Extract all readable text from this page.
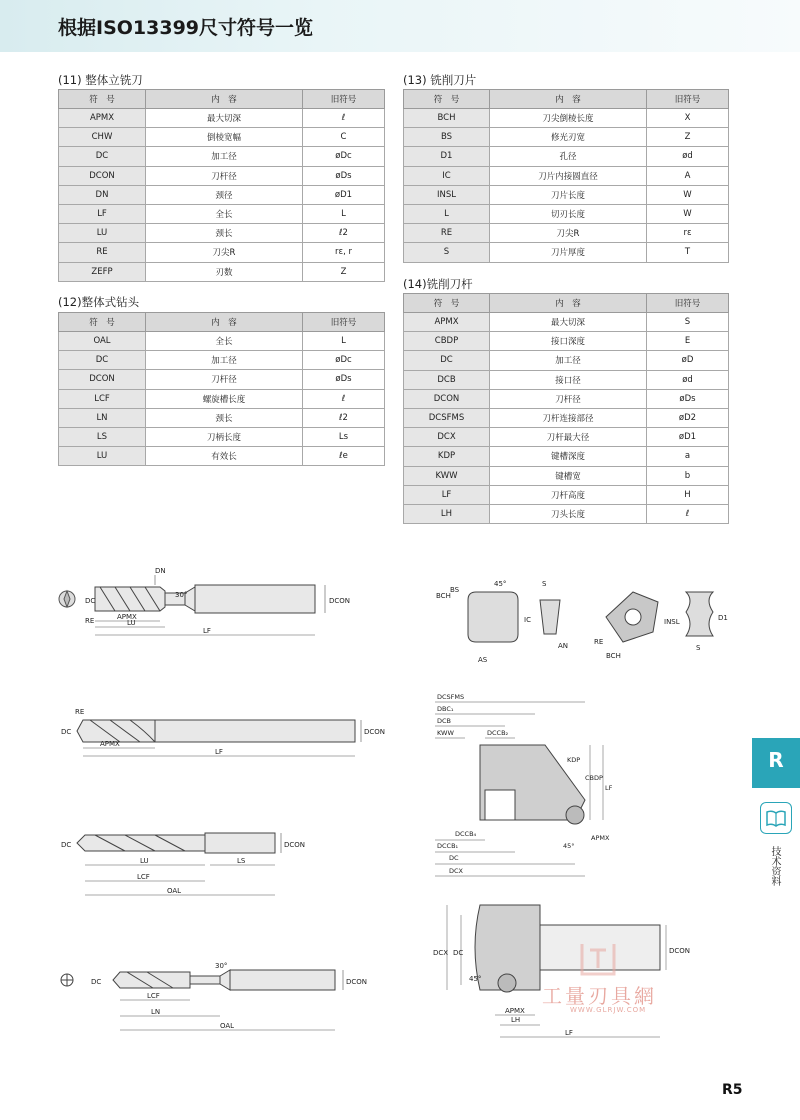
根据ISO13399尺寸符号一览
(11) 整体立铣刀
符　号	内　容	旧符号
APMX	最大切深	ℓ
CHW	倒棱宽幅	C
DC	加工径	øDc
DCON	刀杆径	øDs
DN	颈径	øD1
LF	全长	L
LU	颈长	ℓ2
RE	刀尖R	rε, r
ZEFP	刃数	Z
(12)整体式钻头
符　号	内　容	旧符号
OAL	全长	L
DC	加工径	øDc
DCON	刀杆径	øDs
LCF	螺旋槽长度	ℓ
LN	颈长	ℓ2
LS	刀柄长度	Ls
LU	有效长	ℓe
(13) 铣削刀片
符　号	内　容	旧符号
BCH	刀尖倒棱长度	X
BS	修光刃宽	Z
D1	孔径	ød
IC	刀片内接圆直径	A
INSL	刀片长度	W
L	切刃长度	W
RE	刀尖R	rε
S	刀片厚度	T
(14)铣削刀杆
符　号	内　容	旧符号
APMX	最大切深	S
CBDP	接口深度	E
DC	加工径	øD
DCB	接口径	ød
DCON	刀杆径	øDs
DCSFMS	刀杆连接部径	øD2
DCX	刀杆最大径	øD1
KDP	键槽深度	a
KWW	键槽宽	b
LF	刀杆高度	H
LH	刀头长度	ℓ
DC
APMX
LU
RE
DN
30°
DCON
LF
RE
DC
APMX
LF
DCON
DC
LU	LS
LCF
OAL
DCON
DC
30°
LCF
LN
OAL
DCON
BCH
BS
45°	S
IC
AS
AN
INSL	D1
RE
BCH
S
DCSFMS
DBC₁
DCB
KWW	DCCB₂
KDP
CBDP
LF
DCCB₄
DCCB₁
DC
DCX
45°
APMX
DCX DC
45°
DCON
APMX
LH
LF
工量刃具網
WWW.GLRJW.COM
R
技术资料
R5
